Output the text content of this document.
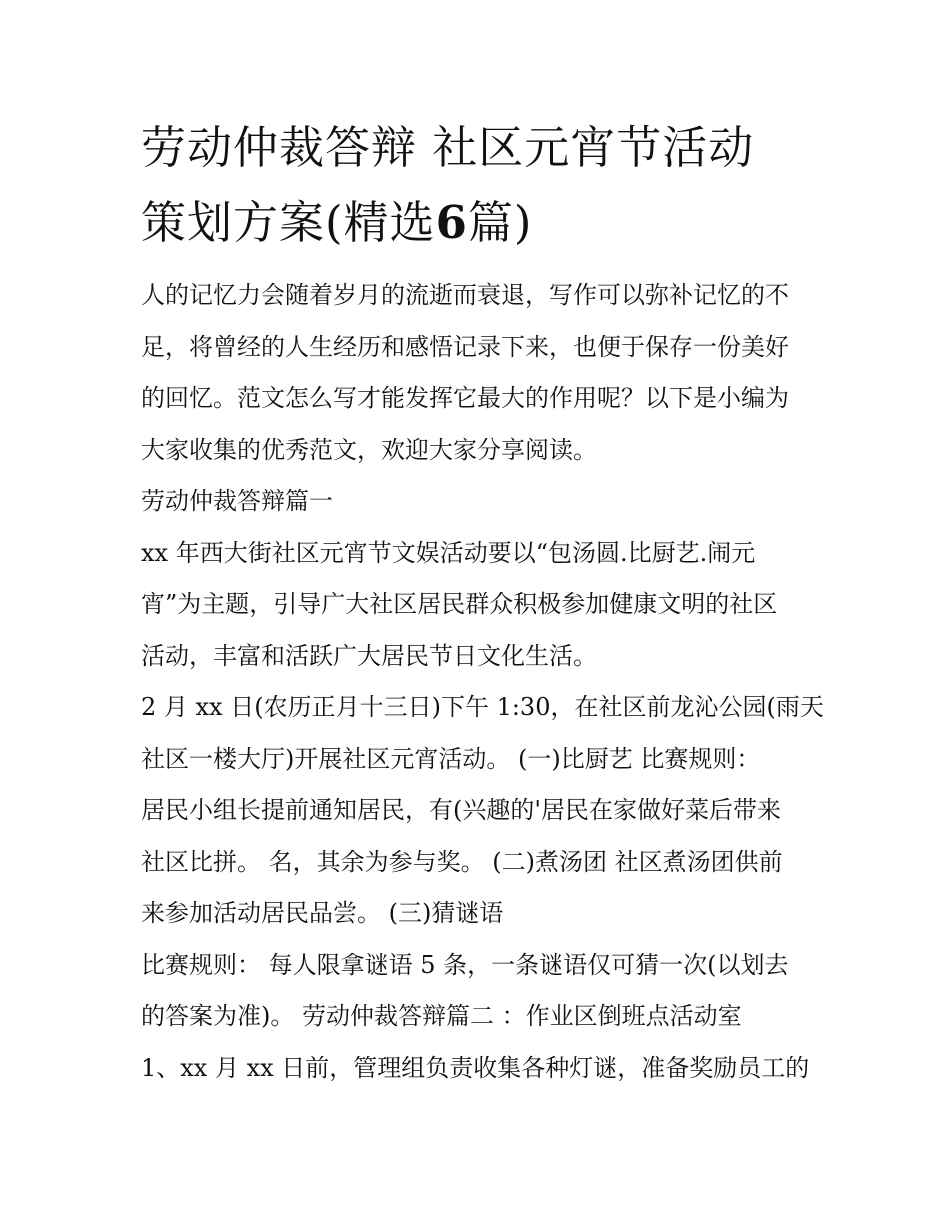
劳动仲裁答辩 社区元宵节活动
策划方案(精选6篇)
人的记忆力会随着岁月的流逝而衰退，写作可以弥补记忆的不
足，将曾经的人生经历和感悟记录下来，也便于保存一份美好
的回忆。范文怎么写才能发挥它最大的作用呢？以下是小编为
大家收集的优秀范文，欢迎大家分享阅读。
劳动仲裁答辩篇一
xx 年西大街社区元宵节文娱活动要以“包汤圆.比厨艺.闹元
宵”为主题，引导广大社区居民群众积极参加健康文明的社区
活动，丰富和活跃广大居民节日文化生活。
2 月 xx 日(农历正月十三日)下午 1:30，在社区前龙沁公园(雨天
社区一楼大厅)开展社区元宵活动。 (一)比厨艺 比赛规则：
居民小组长提前通知居民，有(兴趣的'居民在家做好菜后带来
社区比拼。 名，其余为参与奖。 (二)煮汤团 社区煮汤团供前
来参加活动居民品尝。 (三)猜谜语
比赛规则： 每人限拿谜语 5 条，一条谜语仅可猜一次(以划去
的答案为准)。 劳动仲裁答辩篇二 ：作业区倒班点活动室
1、xx 月 xx 日前，管理组负责收集各种灯谜，准备奖励员工的
